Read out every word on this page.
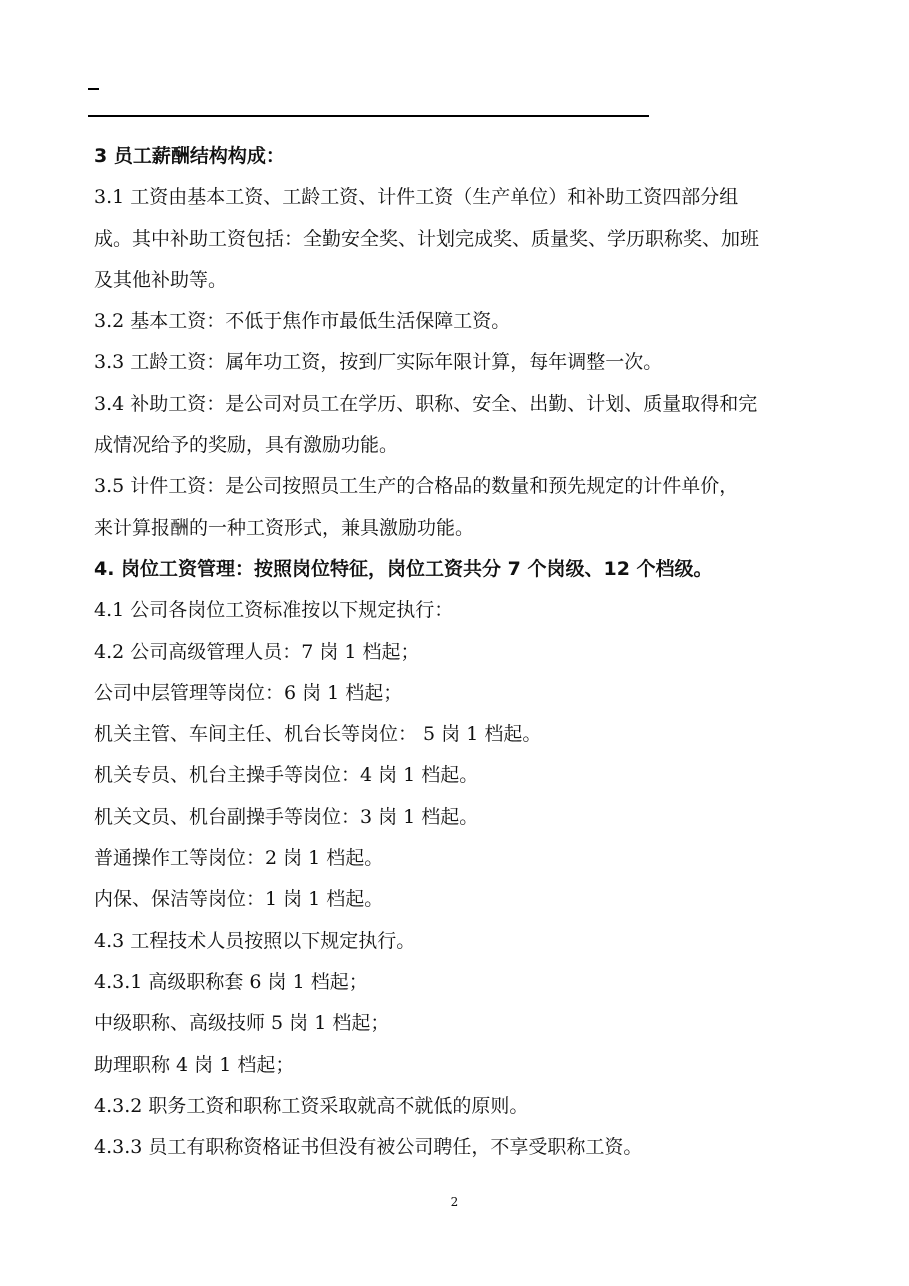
3 员工薪酬结构构成：
3.1 工资由基本工资、工龄工资、计件工资（生产单位）和补助工资四部分组
成。其中补助工资包括：全勤安全奖、计划完成奖、质量奖、学历职称奖、加班
及其他补助等。
3.2 基本工资：不低于焦作市最低生活保障工资。
3.3 工龄工资：属年功工资，按到厂实际年限计算，每年调整一次。
3.4 补助工资：是公司对员工在学历、职称、安全、出勤、计划、质量取得和完
成情况给予的奖励，具有激励功能。
3.5 计件工资：是公司按照员工生产的合格品的数量和预先规定的计件单价，
来计算报酬的一种工资形式，兼具激励功能。
4. 岗位工资管理：按照岗位特征，岗位工资共分 7 个岗级、12 个档级。
4.1 公司各岗位工资标准按以下规定执行：
4.2 公司高级管理人员：7 岗 1 档起；
公司中层管理等岗位：6 岗 1 档起；
机关主管、车间主任、机台长等岗位： 5 岗 1 档起。
机关专员、机台主操手等岗位：4 岗 1 档起。
机关文员、机台副操手等岗位：3 岗 1 档起。
普通操作工等岗位：2 岗 1 档起。
内保、保洁等岗位：1 岗 1 档起。
4.3 工程技术人员按照以下规定执行。
4.3.1 高级职称套 6 岗 1 档起；
中级职称、高级技师 5 岗 1 档起；
助理职称 4 岗 1 档起；
4.3.2 职务工资和职称工资采取就高不就低的原则。
4.3.3 员工有职称资格证书但没有被公司聘任，不享受职称工资。
2
